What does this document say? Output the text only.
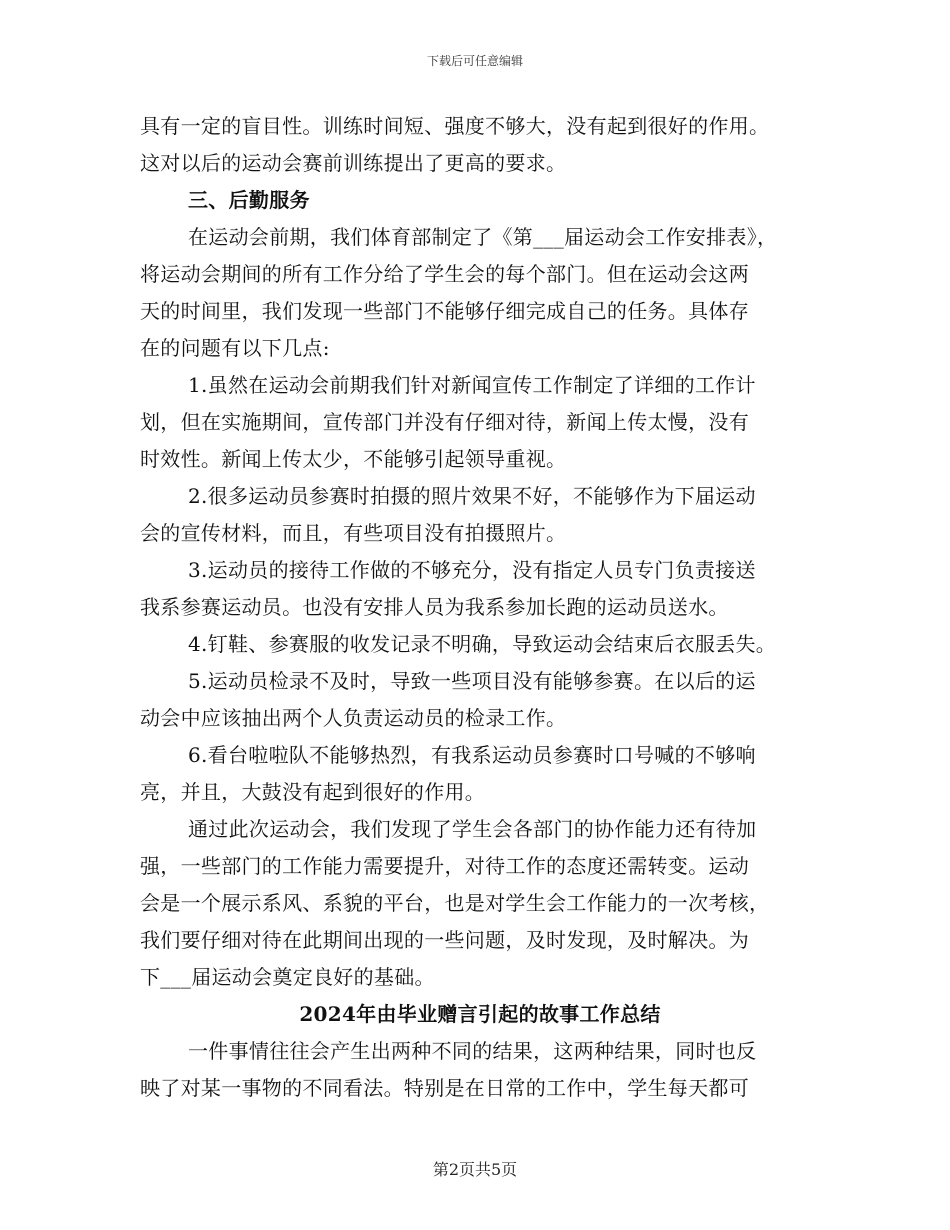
下载后可任意编辑
具有一定的盲目性。训练时间短、强度不够大，没有起到很好的作用。
这对以后的运动会赛前训练提出了更高的要求。
三、后勤服务
在运动会前期，我们体育部制定了《第___届运动会工作安排表》，
将运动会期间的所有工作分给了学生会的每个部门。但在运动会这两
天的时间里，我们发现一些部门不能够仔细完成自己的任务。具体存
在的问题有以下几点:
1.虽然在运动会前期我们针对新闻宣传工作制定了详细的工作计
划，但在实施期间，宣传部门并没有仔细对待，新闻上传太慢，没有
时效性。新闻上传太少，不能够引起领导重视。
2.很多运动员参赛时拍摄的照片效果不好，不能够作为下届运动
会的宣传材料，而且，有些项目没有拍摄照片。
3.运动员的接待工作做的不够充分，没有指定人员专门负责接送
我系参赛运动员。也没有安排人员为我系参加长跑的运动员送水。
4.钉鞋、参赛服的收发记录不明确，导致运动会结束后衣服丢失。
5.运动员检录不及时，导致一些项目没有能够参赛。在以后的运
动会中应该抽出两个人负责运动员的检录工作。
6.看台啦啦队不能够热烈，有我系运动员参赛时口号喊的不够响
亮，并且，大鼓没有起到很好的作用。
通过此次运动会，我们发现了学生会各部门的协作能力还有待加
强，一些部门的工作能力需要提升，对待工作的态度还需转变。运动
会是一个展示系风、系貌的平台，也是对学生会工作能力的一次考核，
我们要仔细对待在此期间出现的一些问题，及时发现，及时解决。为
下___届运动会奠定良好的基础。
2024年由毕业赠言引起的故事工作总结
一件事情往往会产生出两种不同的结果，这两种结果，同时也反
映了对某一事物的不同看法。特别是在日常的工作中，学生每天都可
第2页共5页
